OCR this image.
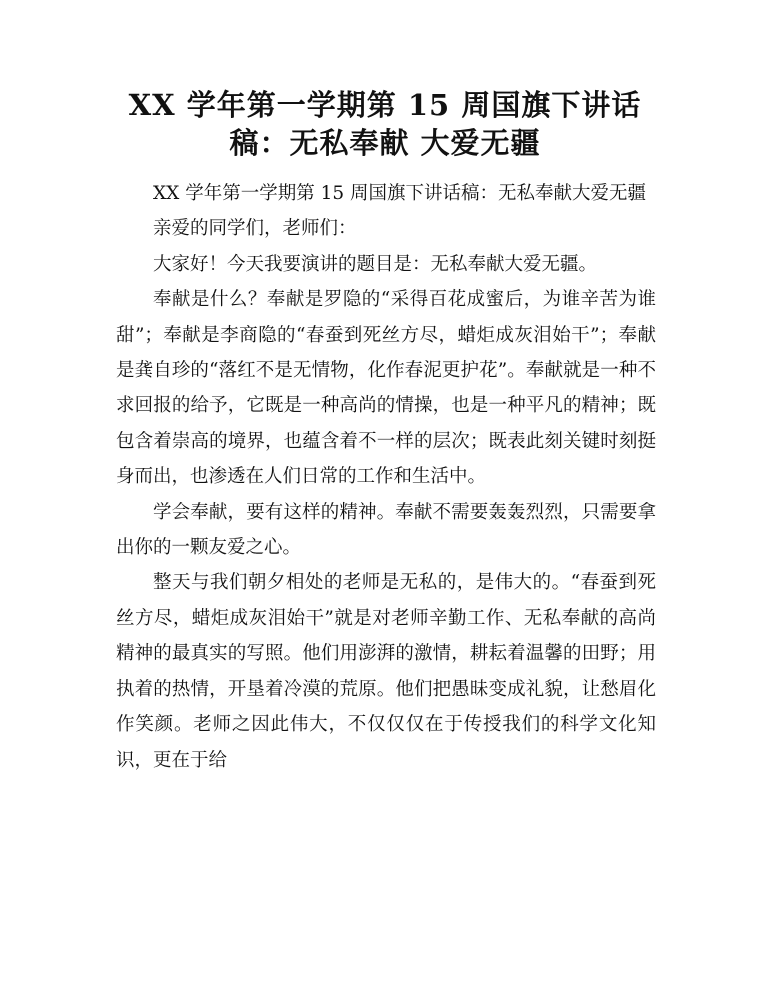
XX 学年第一学期第 15 周国旗下讲话
稿：无私奉献 大爱无疆

XX 学年第一学期第 15 周国旗下讲话稿：无私奉献大爱无疆

亲爱的同学们，老师们：

大家好！今天我要演讲的题目是：无私奉献大爱无疆。

奉献是什么？奉献是罗隐的“采得百花成蜜后，为谁辛苦为谁甜”；奉献是李商隐的“春蚕到死丝方尽，蜡炬成灰泪始干”；奉献是龚自珍的“落红不是无情物，化作春泥更护花”。奉献就是一种不求回报的给予，它既是一种高尚的情操，也是一种平凡的精神；既包含着崇高的境界，也蕴含着不一样的层次；既表此刻关键时刻挺身而出，也渗透在人们日常的工作和生活中。

学会奉献，要有这样的精神。奉献不需要轰轰烈烈，只需要拿出你的一颗友爱之心。

整天与我们朝夕相处的老师是无私的，是伟大的。“春蚕到死丝方尽，蜡炬成灰泪始干”就是对老师辛勤工作、无私奉献的高尚精神的最真实的写照。他们用澎湃的激情，耕耘着温馨的田野；用执着的热情，开垦着冷漠的荒原。他们把愚昧变成礼貌，让愁眉化作笑颜。老师之因此伟大，不仅仅仅在于传授我们的科学文化知识，更在于给
